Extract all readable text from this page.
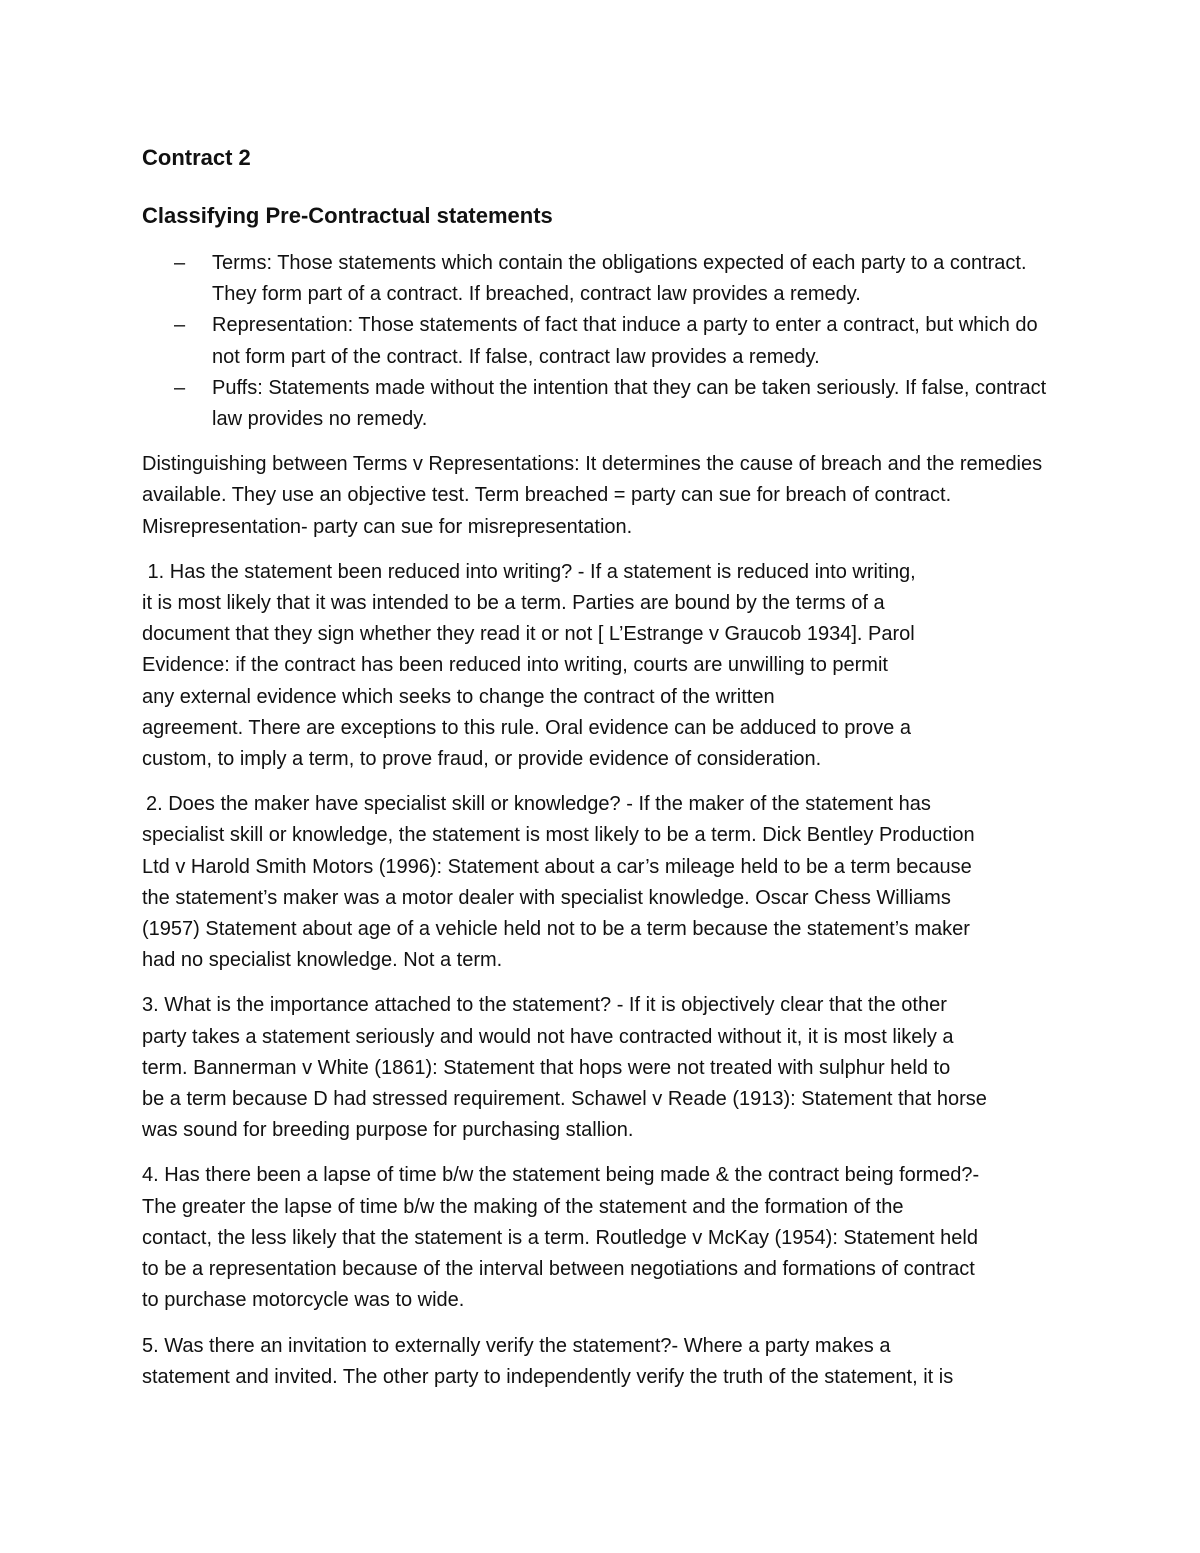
Contract 2
Classifying Pre-Contractual statements
– Terms: Those statements which contain the obligations expected of each party to a contract. They form part of a contract. If breached, contract law provides a remedy.
– Representation: Those statements of fact that induce a party to enter a contract, but which do not form part of the contract. If false, contract law provides a remedy.
– Puffs: Statements made without the intention that they can be taken seriously. If false, contract law provides no remedy.

Distinguishing between Terms v Representations: It determines the cause of breach and the remedies available. They use an objective test. Term breached = party can sue for breach of contract. Misrepresentation- party can sue for misrepresentation.

1. Has the statement been reduced into writing? - If a statement is reduced into writing,
it is most likely that it was intended to be a term. Parties are bound by the terms of a
document that they sign whether they read it or not [ L’Estrange v Graucob 1934]. Parol
Evidence: if the contract has been reduced into writing, courts are unwilling to permit
any external evidence which seeks to change the contract of the written
agreement. There are exceptions to this rule. Oral evidence can be adduced to prove a
custom, to imply a term, to prove fraud, or provide evidence of consideration.
2. Does the maker have specialist skill or knowledge? - If the maker of the statement has
specialist skill or knowledge, the statement is most likely to be a term. Dick Bentley Production
Ltd v Harold Smith Motors (1996): Statement about a car’s mileage held to be a term because
the statement’s maker was a motor dealer with specialist knowledge. Oscar Chess Williams
(1957) Statement about age of a vehicle held not to be a term because the statement’s maker
had no specialist knowledge. Not a term.
3. What is the importance attached to the statement? - If it is objectively clear that the other
party takes a statement seriously and would not have contracted without it, it is most likely a
term. Bannerman v White (1861): Statement that hops were not treated with sulphur held to
be a term because D had stressed requirement. Schawel v Reade (1913): Statement that horse
was sound for breeding purpose for purchasing stallion.
4. Has there been a lapse of time b/w the statement being made & the contract being formed?-
The greater the lapse of time b/w the making of the statement and the formation of the
contact, the less likely that the statement is a term. Routledge v McKay (1954): Statement held
to be a representation because of the interval between negotiations and formations of contract
to purchase motorcycle was to wide.
5. Was there an invitation to externally verify the statement?- Where a party makes a
statement and invited. The other party to independently verify the truth of the statement, it is
